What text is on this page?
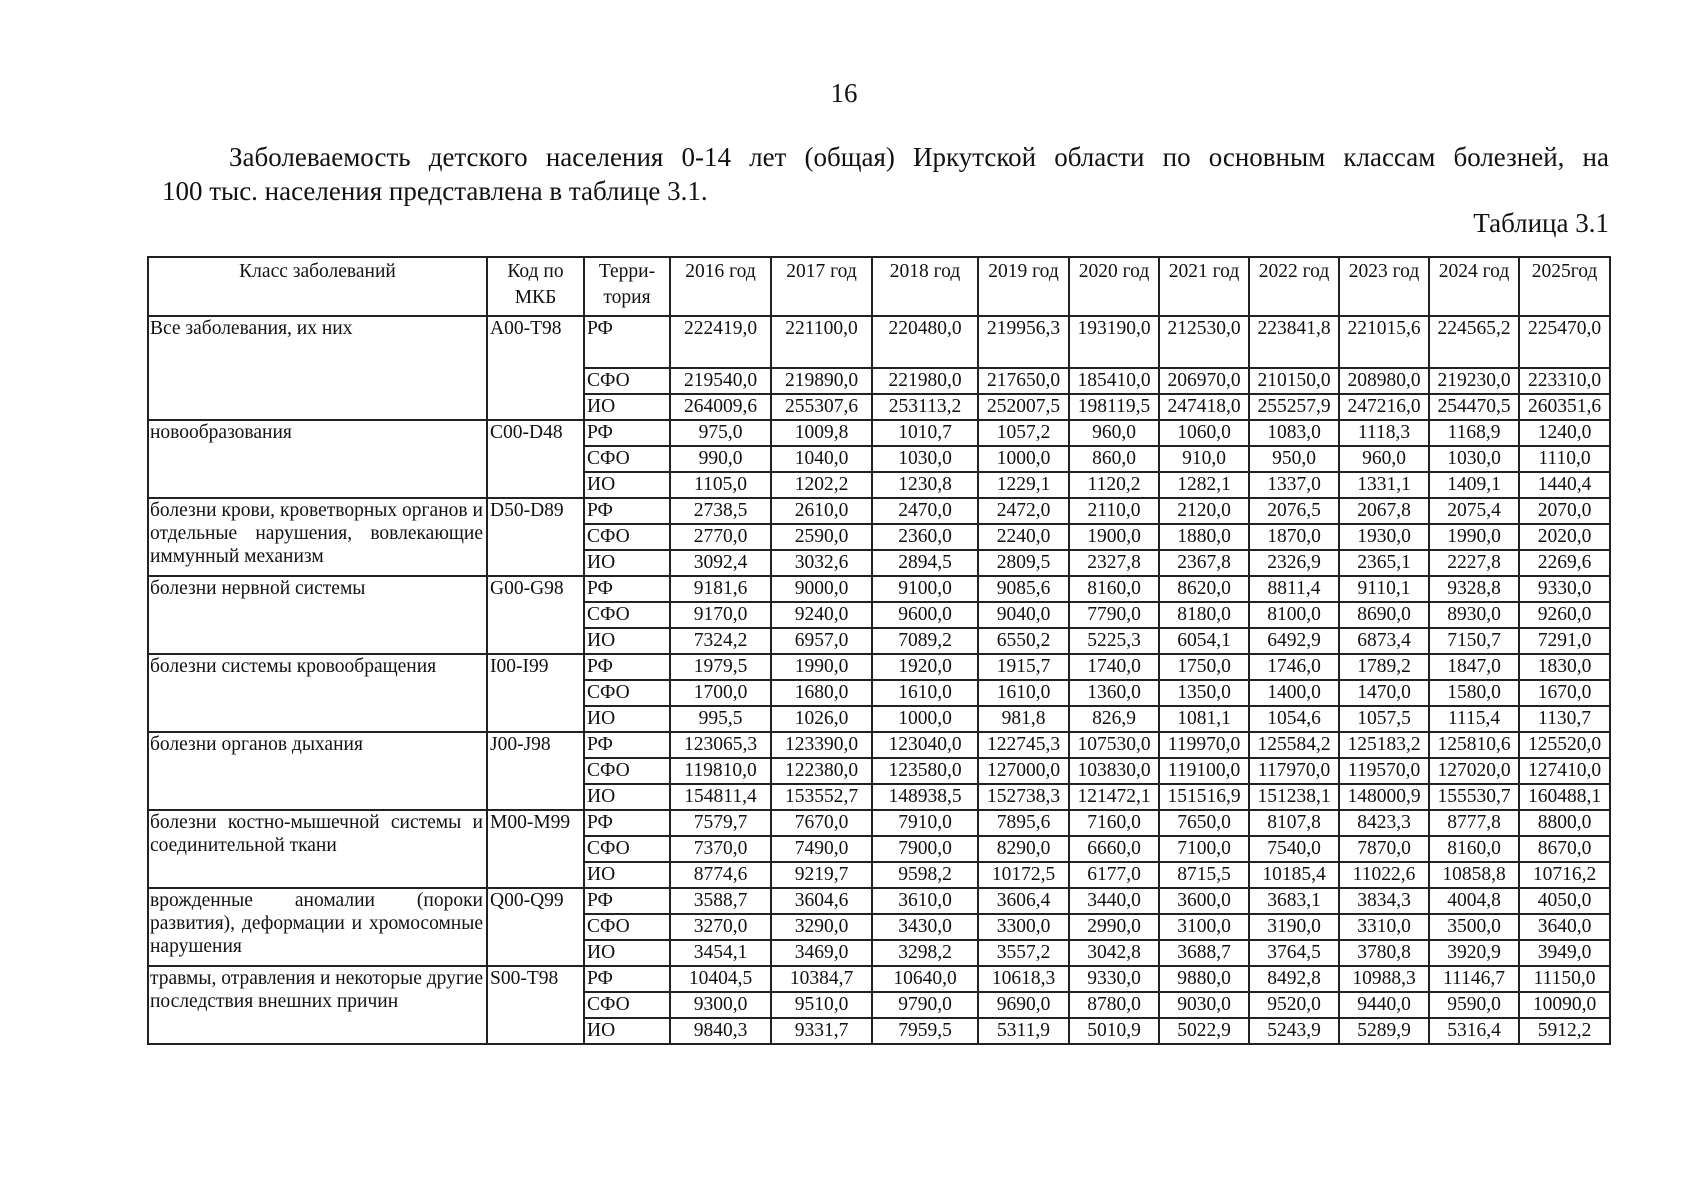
16
Заболеваемость детского населения 0-14 лет (общая) Иркутской области по основным классам болезней, на
100 тыс. населения представлена в таблице 3.1.
Таблица 3.1
Класс заболеваний	Код по МКБ	Терри-тория	2016 год	2017 год	2018 год	2019 год	2020 год	2021 год	2022 год	2023 год	2024 год	2025год
Все заболевания, их них	A00-T98	РФ	222419,0	221100,0	220480,0	219956,3	193190,0	212530,0	223841,8	221015,6	224565,2	225470,0
		СФО	219540,0	219890,0	221980,0	217650,0	185410,0	206970,0	210150,0	208980,0	219230,0	223310,0
		ИО	264009,6	255307,6	253113,2	252007,5	198119,5	247418,0	255257,9	247216,0	254470,5	260351,6
новообразования	C00-D48	РФ	975,0	1009,8	1010,7	1057,2	960,0	1060,0	1083,0	1118,3	1168,9	1240,0
		СФО	990,0	1040,0	1030,0	1000,0	860,0	910,0	950,0	960,0	1030,0	1110,0
		ИО	1105,0	1202,2	1230,8	1229,1	1120,2	1282,1	1337,0	1331,1	1409,1	1440,4
болезни крови, кроветворных органов и отдельные нарушения, вовлекающие иммунный механизм	D50-D89	РФ	2738,5	2610,0	2470,0	2472,0	2110,0	2120,0	2076,5	2067,8	2075,4	2070,0
		СФО	2770,0	2590,0	2360,0	2240,0	1900,0	1880,0	1870,0	1930,0	1990,0	2020,0
		ИО	3092,4	3032,6	2894,5	2809,5	2327,8	2367,8	2326,9	2365,1	2227,8	2269,6
болезни нервной системы	G00-G98	РФ	9181,6	9000,0	9100,0	9085,6	8160,0	8620,0	8811,4	9110,1	9328,8	9330,0
		СФО	9170,0	9240,0	9600,0	9040,0	7790,0	8180,0	8100,0	8690,0	8930,0	9260,0
		ИО	7324,2	6957,0	7089,2	6550,2	5225,3	6054,1	6492,9	6873,4	7150,7	7291,0
болезни системы кровообращения	I00-I99	РФ	1979,5	1990,0	1920,0	1915,7	1740,0	1750,0	1746,0	1789,2	1847,0	1830,0
		СФО	1700,0	1680,0	1610,0	1610,0	1360,0	1350,0	1400,0	1470,0	1580,0	1670,0
		ИО	995,5	1026,0	1000,0	981,8	826,9	1081,1	1054,6	1057,5	1115,4	1130,7
болезни органов дыхания	J00-J98	РФ	123065,3	123390,0	123040,0	122745,3	107530,0	119970,0	125584,2	125183,2	125810,6	125520,0
		СФО	119810,0	122380,0	123580,0	127000,0	103830,0	119100,0	117970,0	119570,0	127020,0	127410,0
		ИО	154811,4	153552,7	148938,5	152738,3	121472,1	151516,9	151238,1	148000,9	155530,7	160488,1
болезни костно-мышечной системы и соединительной ткани	M00-M99	РФ	7579,7	7670,0	7910,0	7895,6	7160,0	7650,0	8107,8	8423,3	8777,8	8800,0
		СФО	7370,0	7490,0	7900,0	8290,0	6660,0	7100,0	7540,0	7870,0	8160,0	8670,0
		ИО	8774,6	9219,7	9598,2	10172,5	6177,0	8715,5	10185,4	11022,6	10858,8	10716,2
врожденные аномалии (пороки развития), деформации и хромосомные нарушения	Q00-Q99	РФ	3588,7	3604,6	3610,0	3606,4	3440,0	3600,0	3683,1	3834,3	4004,8	4050,0
		СФО	3270,0	3290,0	3430,0	3300,0	2990,0	3100,0	3190,0	3310,0	3500,0	3640,0
		ИО	3454,1	3469,0	3298,2	3557,2	3042,8	3688,7	3764,5	3780,8	3920,9	3949,0
травмы, отравления и некоторые другие последствия внешних причин	S00-T98	РФ	10404,5	10384,7	10640,0	10618,3	9330,0	9880,0	8492,8	10988,3	11146,7	11150,0
		СФО	9300,0	9510,0	9790,0	9690,0	8780,0	9030,0	9520,0	9440,0	9590,0	10090,0
		ИО	9840,3	9331,7	7959,5	5311,9	5010,9	5022,9	5243,9	5289,9	5316,4	5912,2
